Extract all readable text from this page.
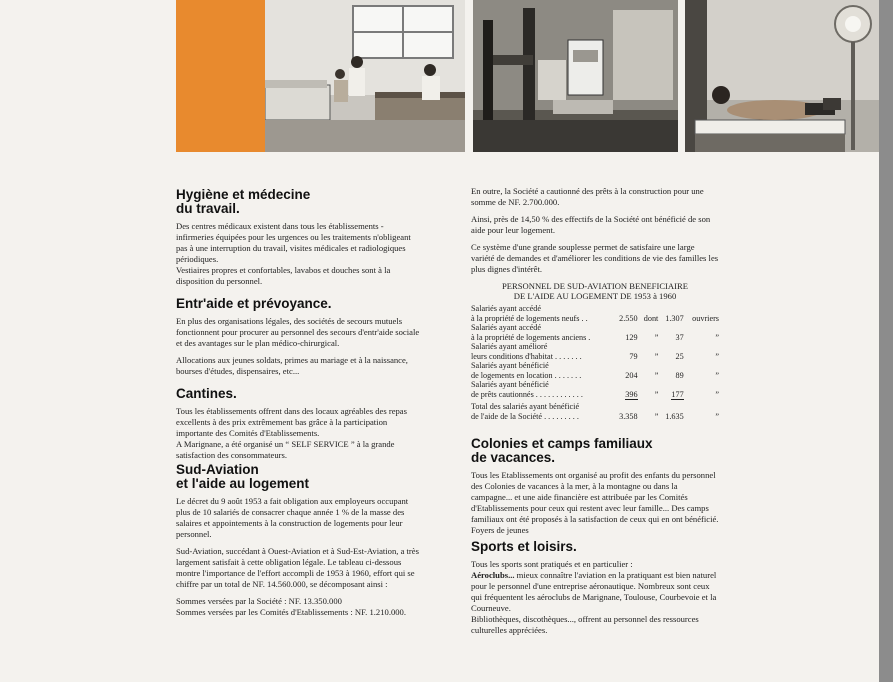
Hygiène et médecine
du travail.

Des centres médicaux existent dans tous les établissements - infirmeries équipées pour les urgences ou les traitements n'obligeant pas à une interruption du travail, visites médicales et radiologiques périodiques.

Vestiaires propres et confortables, lavabos et douches sont à la disposition du personnel.

Entr'aide et prévoyance.

En plus des organisations légales, des sociétés de secours mutuels fonctionnent pour procurer au personnel des secours d'entr'aide sociale et des avantages sur le plan médico-chirurgical.

Allocations aux jeunes soldats, primes au mariage et à la naissance, bourses d'études, dispensaires, etc...

Cantines.

Tous les établissements offrent dans des locaux agréables des repas excellents à des prix extrêmement bas grâce à la participation importante des Comités d'Etablissements.

A Marignane, a été organisé un “ SELF SERVICE ” à la grande satisfaction des consommateurs.

Sud-Aviation
et l'aide au logement

Le décret du 9 août 1953 a fait obligation aux employeurs occupant plus de 10 salariés de consacrer chaque année 1 % de la masse des salaires et appointements à la construction de logements pour leur personnel.

Sud-Aviation, succédant à Ouest-Aviation et à Sud-Est-Aviation, a très largement satisfait à cette obligation légale. Le tableau ci-dessous montre l'importance de l'effort accompli de 1953 à 1960, effort qui se chiffre par un total de NF. 14.560.000, se décomposant ainsi :

Sommes versées par la Société : NF. 13.350.000

Sommes versées par les Comités d'Etablissements : NF. 1.210.000.

En outre, la Société a cautionné des prêts à la construction pour une somme de NF. 2.700.000.

Ainsi, près de 14,50 % des effectifs de la Société ont bénéficié de son aide pour leur logement.

Ce système d'une grande souplesse permet de satisfaire une large variété de demandes et d'améliorer les conditions de vie des familles les plus dignes d'intérêt.

PERSONNEL DE SUD-AVIATION BENEFICIAIRE
DE L'AIDE AU LOGEMENT DE 1953 à 1960
Salariés ayant accédé
à la propriété de logements neufs . .	2.550	dont	1.307	ouvriers
Salariés ayant accédé
à la propriété de logements anciens .	129	”	37	”
Salariés ayant amélioré
leurs conditions d'habitat . . . . . . .	79	”	25	”
Salariés ayant bénéficié
de logements en location . . . . . . .	204	”	89	”
Salariés ayant bénéficié
de prêts cautionnés . . . . . . . . . . . .	396	”	177	”
Total des salariés ayant bénéficié
de l'aide de la Société . . . . . . . . .	3.358	”	1.635	”
Colonies et camps familiaux
de vacances.

Tous les Etablissements ont organisé au profit des enfants du personnel des Colonies de vacances à la mer, à la montagne ou dans la campagne... et une aide financière est attribuée par les Comités d'Etablissements pour ceux qui restent avec leur famille... Des camps familiaux ont été proposés à la satisfaction de ceux qui en ont bénéficié.

Foyers de jeunes

Sports et loisirs.

Tous les sports sont pratiqués et en particulier :

Aéroclubs... mieux connaître l'aviation en la pratiquant est bien naturel pour le personnel d'une entreprise aéronautique. Nombreux sont ceux qui fréquentent les aéroclubs de Marignane, Toulouse, Courbevoie et la Courneuve.

Bibliothèques, discothèques..., offrent au personnel des ressources culturelles appréciées.
